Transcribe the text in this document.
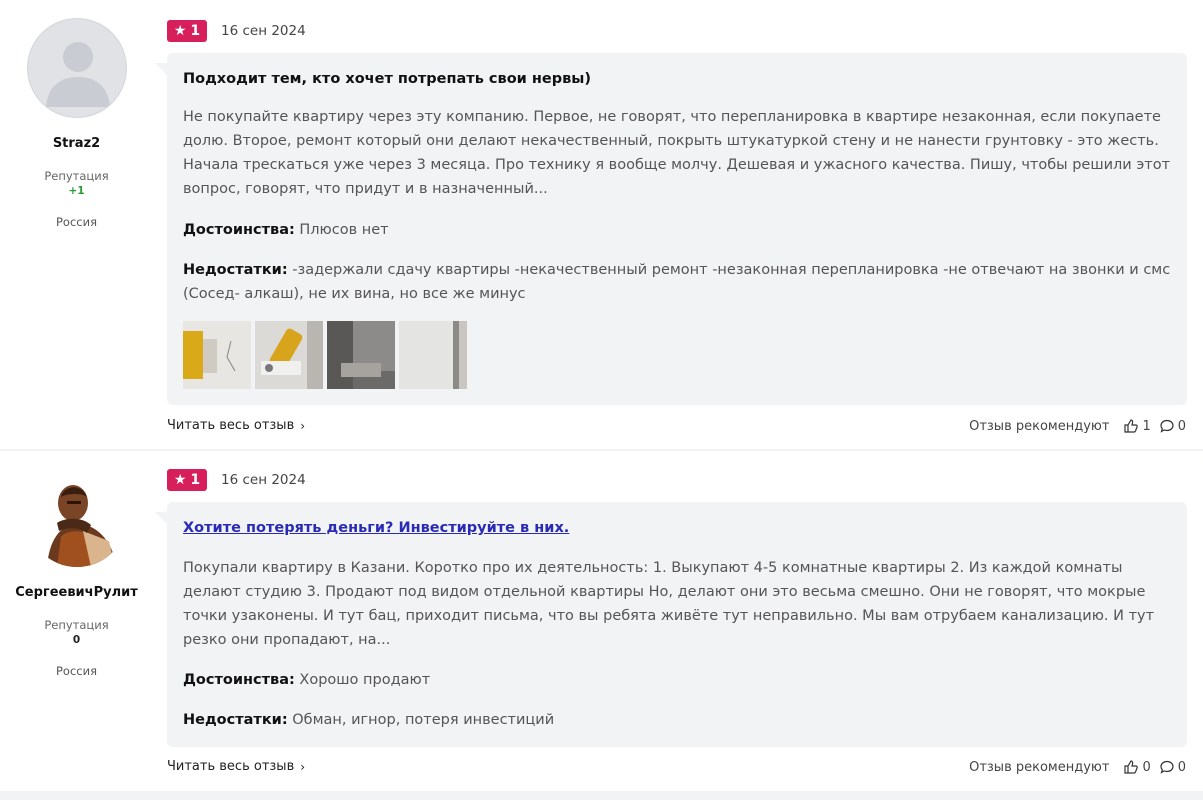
Straz2
Репутация
+1
Россия
★ 1 16 сен 2024
Подходит тем, кто хочет потрепать свои нервы)
Не покупайте квартиру через эту компанию. Первое, не говорят, что перепланировка в квартире незаконная, если покупаете долю. Второе, ремонт который они делают некачественный, покрыть штукатуркой стену и не нанести грунтовку - это жесть. Начала трескаться уже через 3 месяца. Про технику я вообще молчу. Дешевая и ужасного качества. Пишу, чтобы решили этот вопрос, говорят, что придут и в назначенный...
Достоинства: Плюсов нет
Недостатки: -задержали сдачу квартиры -некачественный ремонт -незаконная перепланировка -не отвечают на звонки и смс (Сосед- алкаш), не их вина, но все же минус
Читать весь отзыв ›	Отзыв рекомендуют	1 0
СергеевичРулит
Репутация
0
Россия
★ 1 16 сен 2024
Хотите потерять деньги? Инвестируйте в них.
Покупали квартиру в Казани. Коротко про их деятельность: 1. Выкупают 4-5 комнатные квартиры 2. Из каждой комнаты делают студию 3. Продают под видом отдельной квартиры Но, делают они это весьма смешно. Они не говорят, что мокрые точки узаконены. И тут бац, приходит письма, что вы ребята живёте тут неправильно. Мы вам отрубаем канализацию. И тут резко они пропадают, на...
Достоинства: Хорошо продают
Недостатки: Обман, игнор, потеря инвестиций
Читать весь отзыв ›	Отзыв рекомендуют	0 0
